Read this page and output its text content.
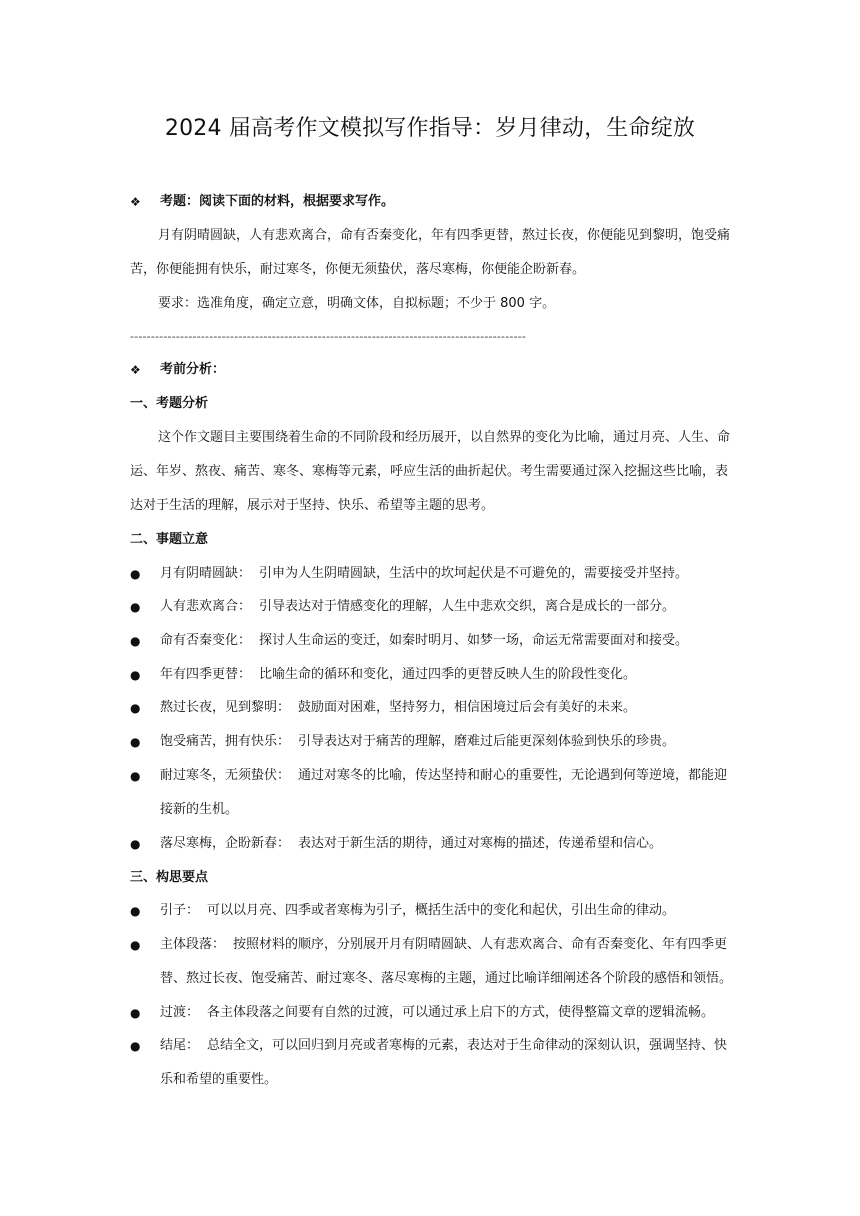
2024 届高考作文模拟写作指导：岁月律动，生命绽放
❖	考题：阅读下面的材料，根据要求写作。
月有阴晴圆缺，人有悲欢离合，命有否秦变化，年有四季更替，熬过长夜，你便能见到黎明，饱受痛
苦，你便能拥有快乐，耐过寒冬，你便无须蛰伏，落尽寒梅，你便能企盼新春。
要求：选准角度，确定立意，明确文体，自拟标题；不少于 800 字。
-----------------------------------------------------------------------------------------------
❖	考前分析：
一、考题分析
这个作文题目主要围绕着生命的不同阶段和经历展开，以自然界的变化为比喻，通过月亮、人生、命
运、年岁、熬夜、痛苦、寒冬、寒梅等元素，呼应生活的曲折起伏。考生需要通过深入挖掘这些比喻，表
达对于生活的理解，展示对于坚持、快乐、希望等主题的思考。
二、事题立意
● 月有阴晴圆缺： 引申为人生阴晴圆缺，生活中的坎坷起伏是不可避免的，需要接受并坚持。
● 人有悲欢离合： 引导表达对于情感变化的理解，人生中悲欢交织，离合是成长的一部分。
● 命有否秦变化： 探讨人生命运的变迁，如秦时明月、如梦一场，命运无常需要面对和接受。
● 年有四季更替： 比喻生命的循环和变化，通过四季的更替反映人生的阶段性变化。
● 熬过长夜，见到黎明： 鼓励面对困难，坚持努力，相信困境过后会有美好的未来。
● 饱受痛苦，拥有快乐： 引导表达对于痛苦的理解，磨难过后能更深刻体验到快乐的珍贵。
● 耐过寒冬，无须蛰伏： 通过对寒冬的比喻，传达坚持和耐心的重要性，无论遇到何等逆境，都能迎
接新的生机。
● 落尽寒梅，企盼新春： 表达对于新生活的期待，通过对寒梅的描述，传递希望和信心。
三、构思要点
● 引子： 可以以月亮、四季或者寒梅为引子，概括生活中的变化和起伏，引出生命的律动。
● 主体段落： 按照材料的顺序，分别展开月有阴晴圆缺、人有悲欢离合、命有否秦变化、年有四季更
替、熬过长夜、饱受痛苦、耐过寒冬、落尽寒梅的主题，通过比喻详细阐述各个阶段的感悟和领悟。
● 过渡： 各主体段落之间要有自然的过渡，可以通过承上启下的方式，使得整篇文章的逻辑流畅。
● 结尾： 总结全文，可以回归到月亮或者寒梅的元素，表达对于生命律动的深刻认识，强调坚持、快
乐和希望的重要性。
